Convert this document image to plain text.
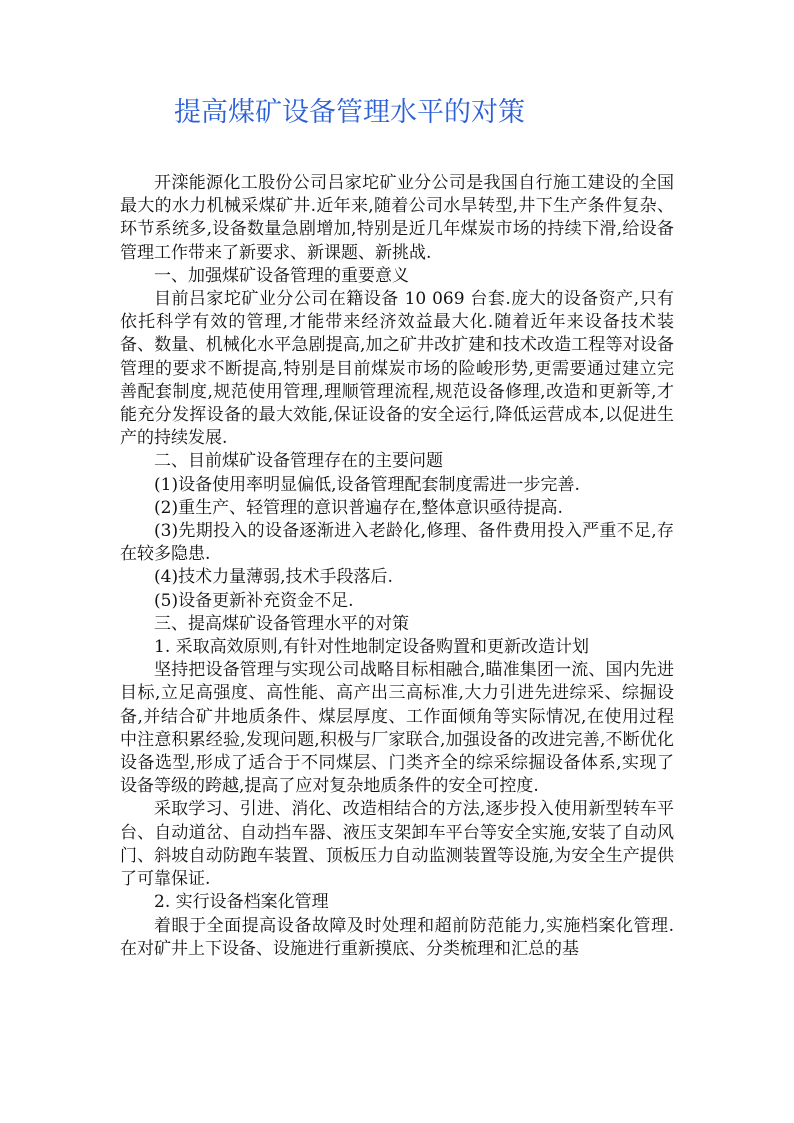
提高煤矿设备管理水平的对策

开滦能源化工股份公司吕家坨矿业分公司是我国自行施工建设的全国最大的水力机械采煤矿井.近年来,随着公司水旱转型,井下生产条件复杂、环节系统多,设备数量急剧增加,特别是近几年煤炭市场的持续下滑,给设备管理工作带来了新要求、新课题、新挑战.

一、加强煤矿设备管理的重要意义

目前吕家坨矿业分公司在籍设备 10 069 台套.庞大的设备资产,只有依托科学有效的管理,才能带来经济效益最大化.随着近年来设备技术装备、数量、机械化水平急剧提高,加之矿井改扩建和技术改造工程等对设备管理的要求不断提高,特别是目前煤炭市场的险峻形势,更需要通过建立完善配套制度,规范使用管理,理顺管理流程,规范设备修理,改造和更新等,才能充分发挥设备的最大效能,保证设备的安全运行,降低运营成本,以促进生产的持续发展.

二、目前煤矿设备管理存在的主要问题

(1)设备使用率明显偏低,设备管理配套制度需进一步完善.

(2)重生产、轻管理的意识普遍存在,整体意识亟待提高.

(3)先期投入的设备逐渐进入老龄化,修理、备件费用投入严重不足,存在较多隐患.

(4)技术力量薄弱,技术手段落后.

(5)设备更新补充资金不足.

三、提高煤矿设备管理水平的对策

1. 采取高效原则,有针对性地制定设备购置和更新改造计划

坚持把设备管理与实现公司战略目标相融合,瞄准集团一流、国内先进目标,立足高强度、高性能、高产出三高标准,大力引进先进综采、综掘设备,并结合矿井地质条件、煤层厚度、工作面倾角等实际情况,在使用过程中注意积累经验,发现问题,积极与厂家联合,加强设备的改进完善,不断优化设备选型,形成了适合于不同煤层、门类齐全的综采综掘设备体系,实现了设备等级的跨越,提高了应对复杂地质条件的安全可控度.

采取学习、引进、消化、改造相结合的方法,逐步投入使用新型转车平台、自动道岔、自动挡车器、液压支架卸车平台等安全实施,安装了自动风门、斜坡自动防跑车装置、顶板压力自动监测装置等设施,为安全生产提供了可靠保证.

2. 实行设备档案化管理

着眼于全面提高设备故障及时处理和超前防范能力,实施档案化管理.在对矿井上下设备、设施进行重新摸底、分类梳理和汇总的基
